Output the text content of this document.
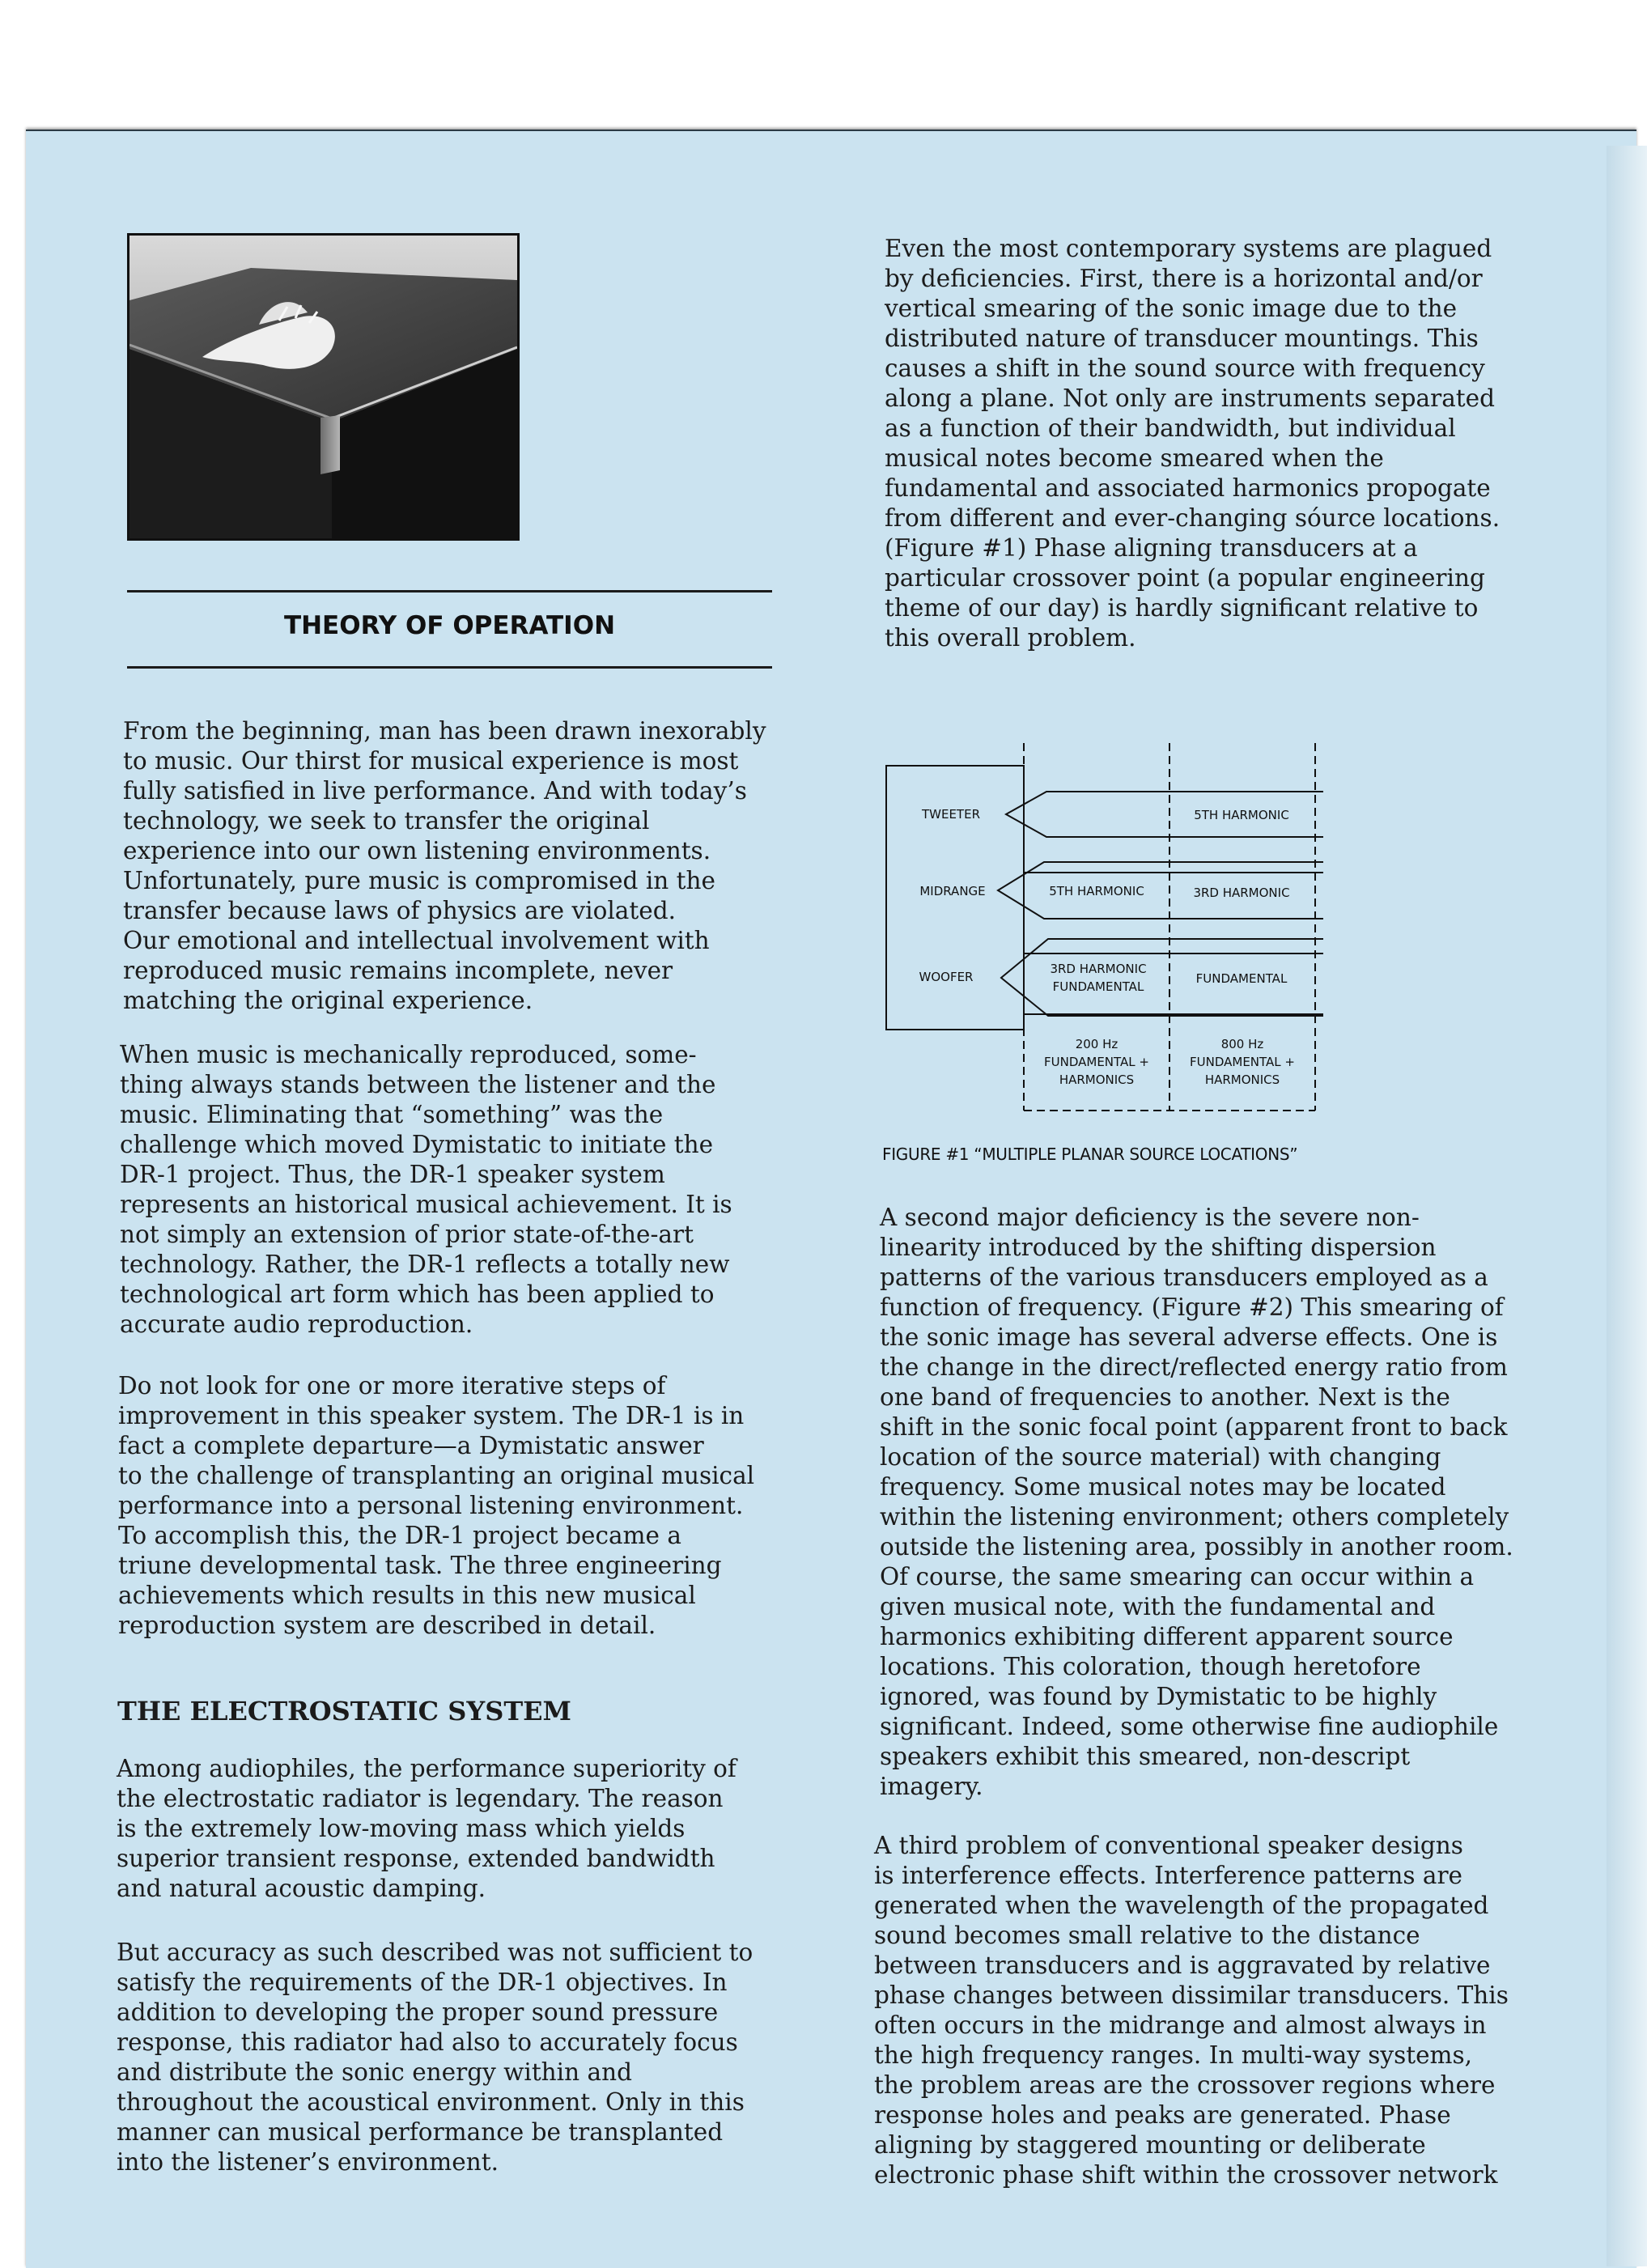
THEORY OF OPERATION

From the beginning, man has been drawn inexorably
to music. Our thirst for musical experience is most
fully satisfied in live performance. And with today’s
technology, we seek to transfer the original
experience into our own listening environments.
Unfortunately, pure music is compromised in the
transfer because laws of physics are violated.
Our emotional and intellectual involvement with
reproduced music remains incomplete, never
matching the original experience.

When music is mechanically reproduced, some-
thing always stands between the listener and the
music. Eliminating that “something” was the
challenge which moved Dymistatic to initiate the
DR-1 project. Thus, the DR-1 speaker system
represents an historical musical achievement. It is
not simply an extension of prior state-of-the-art
technology. Rather, the DR-1 reflects a totally new
technological art form which has been applied to
accurate audio reproduction.

Do not look for one or more iterative steps of
improvement in this speaker system. The DR-1 is in
fact a complete departure—a Dymistatic answer
to the challenge of transplanting an original musical
performance into a personal listening environment.
To accomplish this, the DR-1 project became a
triune developmental task. The three engineering
achievements which results in this new musical
reproduction system are described in detail.

THE ELECTROSTATIC SYSTEM

Among audiophiles, the performance superiority of
the electrostatic radiator is legendary. The reason
is the extremely low-moving mass which yields
superior transient response, extended bandwidth
and natural acoustic damping.

But accuracy as such described was not sufficient to
satisfy the requirements of the DR-1 objectives. In
addition to developing the proper sound pressure
response, this radiator had also to accurately focus
and distribute the sonic energy within and
throughout the acoustical environment. Only in this
manner can musical performance be transplanted
into the listener’s environment.

Even the most contemporary systems are plagued
by deficiencies. First, there is a horizontal and/or
vertical smearing of the sonic image due to the
distributed nature of transducer mountings. This
causes a shift in the sound source with frequency
along a plane. Not only are instruments separated
as a function of their bandwidth, but individual
musical notes become smeared when the
fundamental and associated harmonics propogate
from different and ever-changing sóurce locations.
(Figure #1) Phase aligning transducers at a
particular crossover point (a popular engineering
theme of our day) is hardly significant relative to
this overall problem.

A second major deficiency is the severe non-
linearity introduced by the shifting dispersion
patterns of the various transducers employed as a
function of frequency. (Figure #2) This smearing of
the sonic image has several adverse effects. One is
the change in the direct/reflected energy ratio from
one band of frequencies to another. Next is the
shift in the sonic focal point (apparent front to back
location of the source material) with changing
frequency. Some musical notes may be located
within the listening environment; others completely
outside the listening area, possibly in another room.
Of course, the same smearing can occur within a
given musical note, with the fundamental and
harmonics exhibiting different apparent source
locations. This coloration, though heretofore
ignored, was found by Dymistatic to be highly
significant. Indeed, some otherwise fine audiophile
speakers exhibit this smeared, non-descript
imagery.

A third problem of conventional speaker designs
is interference effects. Interference patterns are
generated when the wavelength of the propagated
sound becomes small relative to the distance
between transducers and is aggravated by relative
phase changes between dissimilar transducers. This
often occurs in the midrange and almost always in
the high frequency ranges. In multi-way systems,
the problem areas are the crossover regions where
response holes and peaks are generated. Phase
aligning by staggered mounting or deliberate
electronic phase shift within the crossover network

TWEETER
MIDRANGE
WOOFER
5TH HARMONIC
5TH HARMONIC	3RD HARMONIC
3RD HARMONIC
FUNDAMENTAL
FUNDAMENTAL
200 Hz
FUNDAMENTAL +
HARMONICS
800 Hz
FUNDAMENTAL +
HARMONICS

FIGURE #1 “MULTIPLE PLANAR SOURCE LOCATIONS”
